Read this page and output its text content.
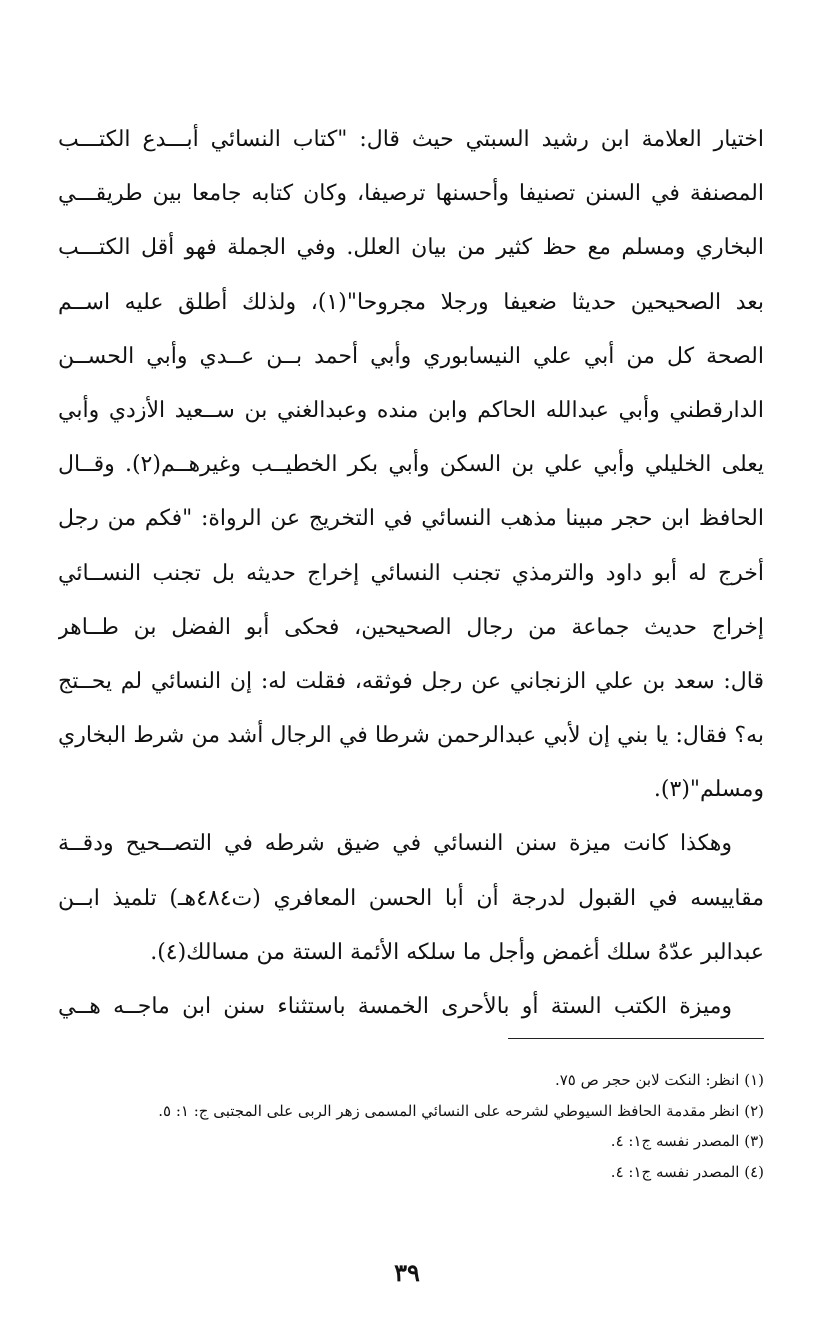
اختيار العلامة ابن رشيد السبتي حيث قال: "كتاب النسائي أبـــدع الكتـــب
المصنفة في السنن تصنيفا وأحسنها ترصيفا، وكان كتابه جامعا بين طريقـــي
البخاري ومسلم مع حظ كثير من بيان العلل. وفي الجملة فهو أقل الكتـــب
بعد الصحيحين حديثا ضعيفا ورجلا مجروحا"(١)، ولذلك أطلق عليه اســم
الصحة كل من أبي علي النيسابوري وأبي أحمد بــن عــدي وأبي الحســن
الدارقطني وأبي عبدالله الحاكم وابن منده وعبدالغني بن ســعيد الأزدي وأبي
يعلى الخليلي وأبي علي بن السكن وأبي بكر الخطيــب وغيرهــم(٢). وقــال
الحافظ ابن حجر مبينا مذهب النسائي في التخريج عن الرواة: "فكم من رجل
أخرج له أبو داود والترمذي تجنب النسائي إخراج حديثه بل تجنب النســائي
إخراج حديث جماعة من رجال الصحيحين، فحكى أبو الفضل بن طــاهر
قال: سعد بن علي الزنجاني عن رجل فوثقه، فقلت له: إن النسائي لم يحــتج
به؟ فقال: يا بني إن لأبي عبدالرحمن شرطا في الرجال أشد من شرط البخاري
ومسلم"(٣).
وهكذا كانت ميزة سنن النسائي في ضيق شرطه في التصــحيح ودقــة
مقاييسه في القبول لدرجة أن أبا الحسن المعافري (ت٤٨٤هـ) تلميذ ابــن
عبدالبر عدّهُ سلك أغمض وأجل ما سلكه الأئمة الستة من مسالك(٤).
وميزة الكتب الستة أو بالأحرى الخمسة باستثناء سنن ابن ماجــه هــي
(١) انظر: النكت لابن حجر ص ٧٥.
(٢) انظر مقدمة الحافظ السيوطي لشرحه على النسائي المسمى زهر الربى على المجتبى ج: ١: ٥.
(٣) المصدر نفسه ج١: ٤.
(٤) المصدر نفسه ج١: ٤.
٣٩
